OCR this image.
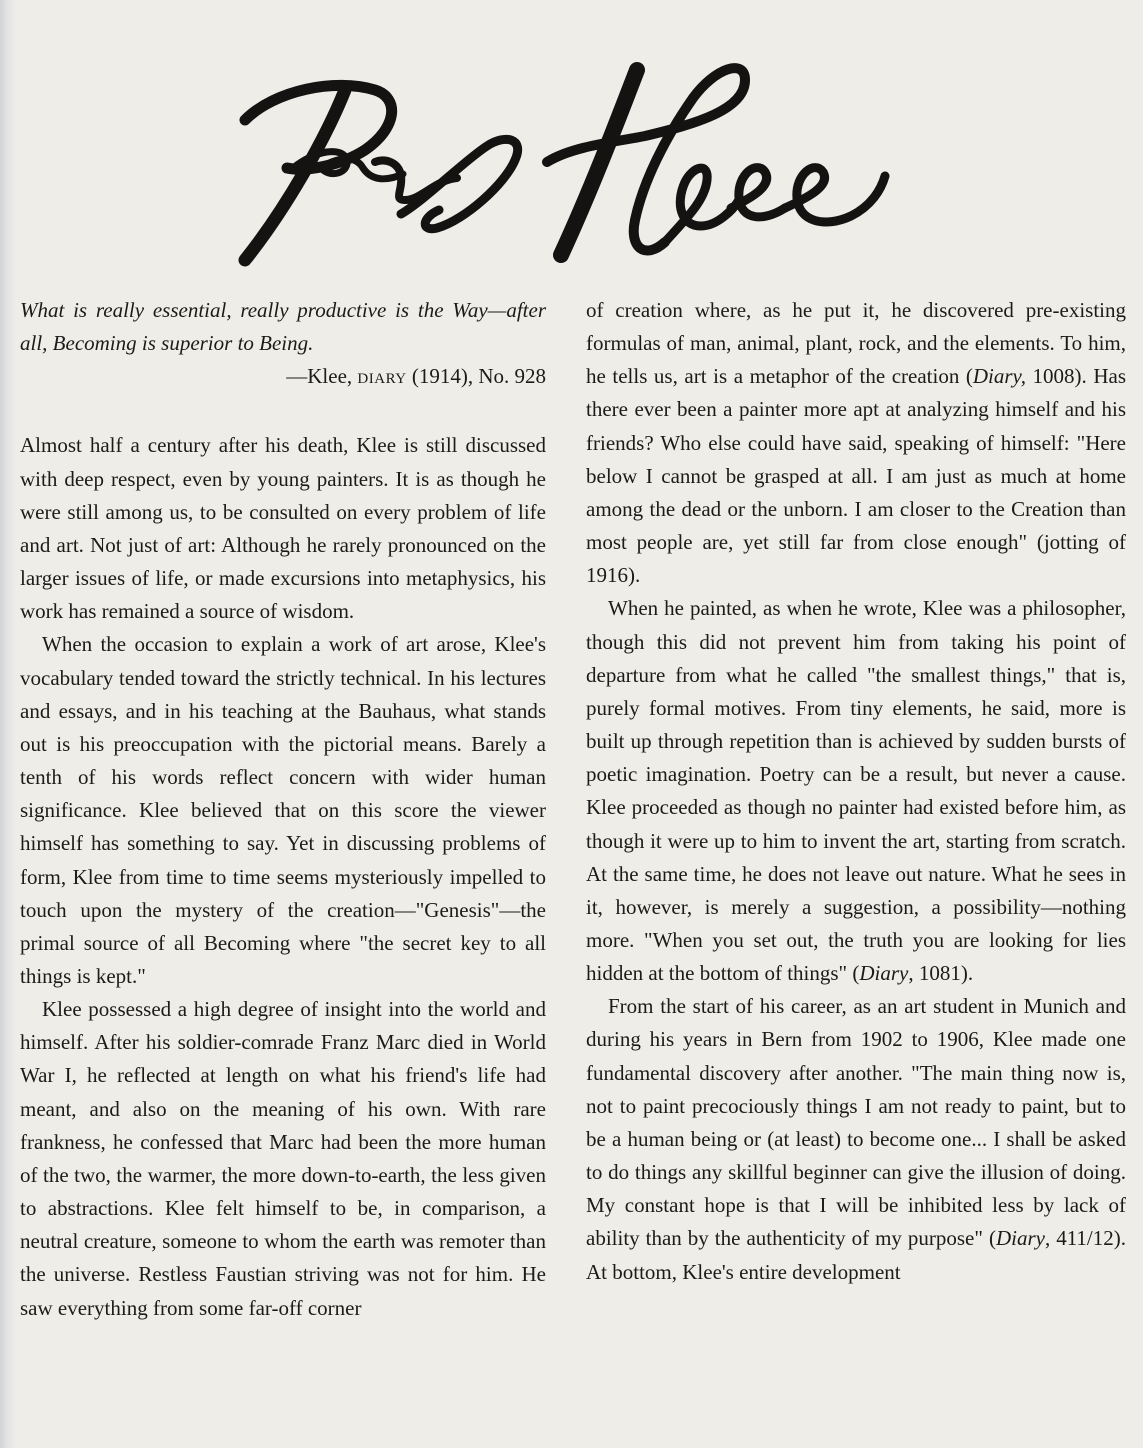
What is really essential, really productive is the Way—after all, Becoming is superior to Being.

—Klee, DIARY (1914), No. 928

Almost half a century after his death, Klee is still discussed with deep respect, even by young painters. It is as though he were still among us, to be consulted on every problem of life and art. Not just of art: Although he rarely pronounced on the larger issues of life, or made excursions into metaphysics, his work has remained a source of wisdom.

When the occasion to explain a work of art arose, Klee's vocabulary tended toward the strictly technical. In his lectures and essays, and in his teaching at the Bauhaus, what stands out is his preoccupation with the pictorial means. Barely a tenth of his words reflect concern with wider human significance. Klee believed that on this score the viewer himself has something to say. Yet in discussing problems of form, Klee from time to time seems mysteriously impelled to touch upon the mystery of the creation—"Genesis"—the primal source of all Becoming where "the secret key to all things is kept."

Klee possessed a high degree of insight into the world and himself. After his soldier-comrade Franz Marc died in World War I, he reflected at length on what his friend's life had meant, and also on the meaning of his own. With rare frankness, he confessed that Marc had been the more human of the two, the warmer, the more down-to-earth, the less given to abstractions. Klee felt himself to be, in comparison, a neutral creature, someone to whom the earth was remoter than the universe. Restless Faustian striving was not for him. He saw everything from some far-off corner

of creation where, as he put it, he discovered pre-existing formulas of man, animal, plant, rock, and the elements. To him, he tells us, art is a metaphor of the creation (Diary, 1008). Has there ever been a painter more apt at analyzing himself and his friends? Who else could have said, speaking of himself: "Here below I cannot be grasped at all. I am just as much at home among the dead or the unborn. I am closer to the Creation than most people are, yet still far from close enough" (jotting of 1916).

When he painted, as when he wrote, Klee was a philosopher, though this did not prevent him from taking his point of departure from what he called "the smallest things," that is, purely formal motives. From tiny elements, he said, more is built up through repetition than is achieved by sudden bursts of poetic imagination. Poetry can be a result, but never a cause. Klee proceeded as though no painter had existed before him, as though it were up to him to invent the art, starting from scratch. At the same time, he does not leave out nature. What he sees in it, however, is merely a suggestion, a possibility—nothing more. "When you set out, the truth you are looking for lies hidden at the bottom of things" (Diary, 1081).

From the start of his career, as an art student in Munich and during his years in Bern from 1902 to 1906, Klee made one fundamental discovery after another. "The main thing now is, not to paint precociously things I am not ready to paint, but to be a human being or (at least) to become one... I shall be asked to do things any skillful beginner can give the illusion of doing. My constant hope is that I will be inhibited less by lack of ability than by the authenticity of my purpose" (Diary, 411/12). At bottom, Klee's entire development
